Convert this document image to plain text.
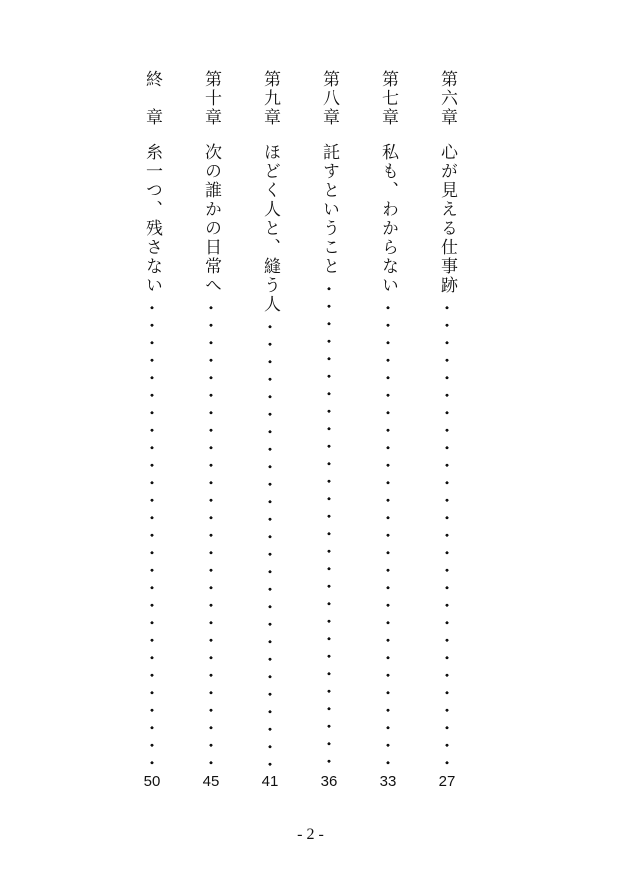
第六章
心が見える仕事跡
27
第七章
私も、わからない
33
第八章
託すということ
36
第九章
ほどく人と、縫う人
41
第十章
次の誰かの日常へ
45
終　章
糸一つ、残さない
50
- 2 -
